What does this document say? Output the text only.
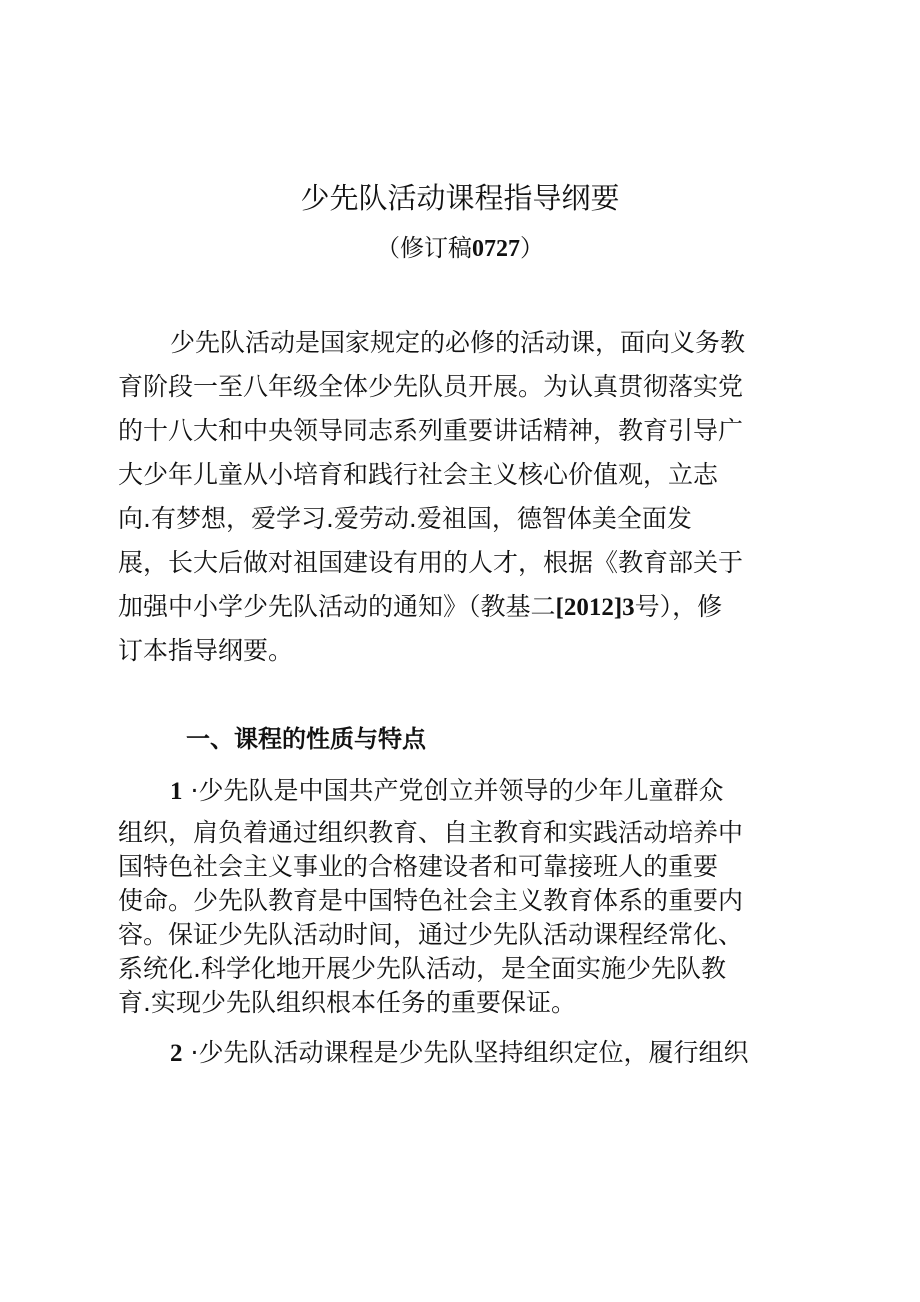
少先队活动课程指导纲要
（修订稿0727）

少先队活动是国家规定的必修的活动课，面向义务教

育阶段一至八年级全体少先队员开展。为认真贯彻落实党

的十八大和中央领导同志系列重要讲话精神，教育引导广

大少年儿童从小培育和践行社会主义核心价值观，立志

向.有梦想，爱学习.爱劳动.爱祖国，德智体美全面发

展，长大后做对祖国建设有用的人才，根据《教育部关于

加强中小学少先队活动的通知》（教基二[2012]3号），修

订本指导纲要。

一、课程的性质与特点

1 ·少先队是中国共产党创立并领导的少年儿童群众

组织，肩负着通过组织教育、自主教育和实践活动培养中

国特色社会主义事业的合格建设者和可靠接班人的重要

使命。少先队教育是中国特色社会主义教育体系的重要内

容。保证少先队活动时间，通过少先队活动课程经常化、

系统化.科学化地开展少先队活动，是全面实施少先队教

育.实现少先队组织根本任务的重要保证。

2 ·少先队活动课程是少先队坚持组织定位，履行组织
